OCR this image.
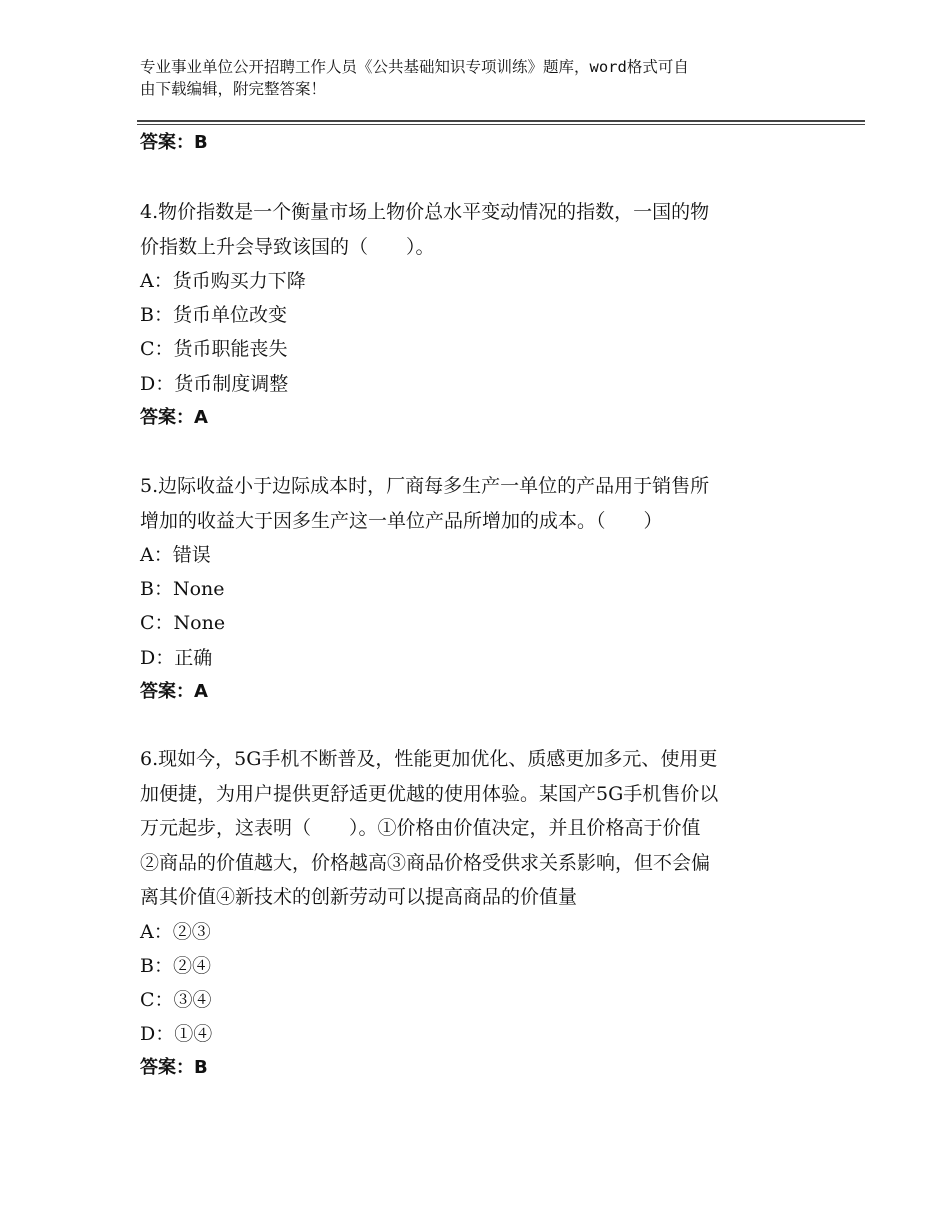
专业事业单位公开招聘工作人员《公共基础知识专项训练》题库，word格式可自
由下载编辑，附完整答案！
答案：B

4.物价指数是一个衡量市场上物价总水平变动情况的指数，一国的物

价指数上升会导致该国的（　　）。

A：货币购买力下降

B：货币单位改变

C：货币职能丧失

D：货币制度调整

答案：A

5.边际收益小于边际成本时，厂商每多生产一单位的产品用于销售所

增加的收益大于因多生产这一单位产品所增加的成本。（　　）

A：错误

B：None

C：None

D：正确

答案：A

6.现如今，5G手机不断普及，性能更加优化、质感更加多元、使用更

加便捷，为用户提供更舒适更优越的使用体验。某国产5G手机售价以

万元起步，这表明（　　）。①价格由价值决定，并且价格高于价值

②商品的价值越大，价格越高③商品价格受供求关系影响，但不会偏

离其价值④新技术的创新劳动可以提高商品的价值量

A：②③

B：②④

C：③④

D：①④

答案：B
